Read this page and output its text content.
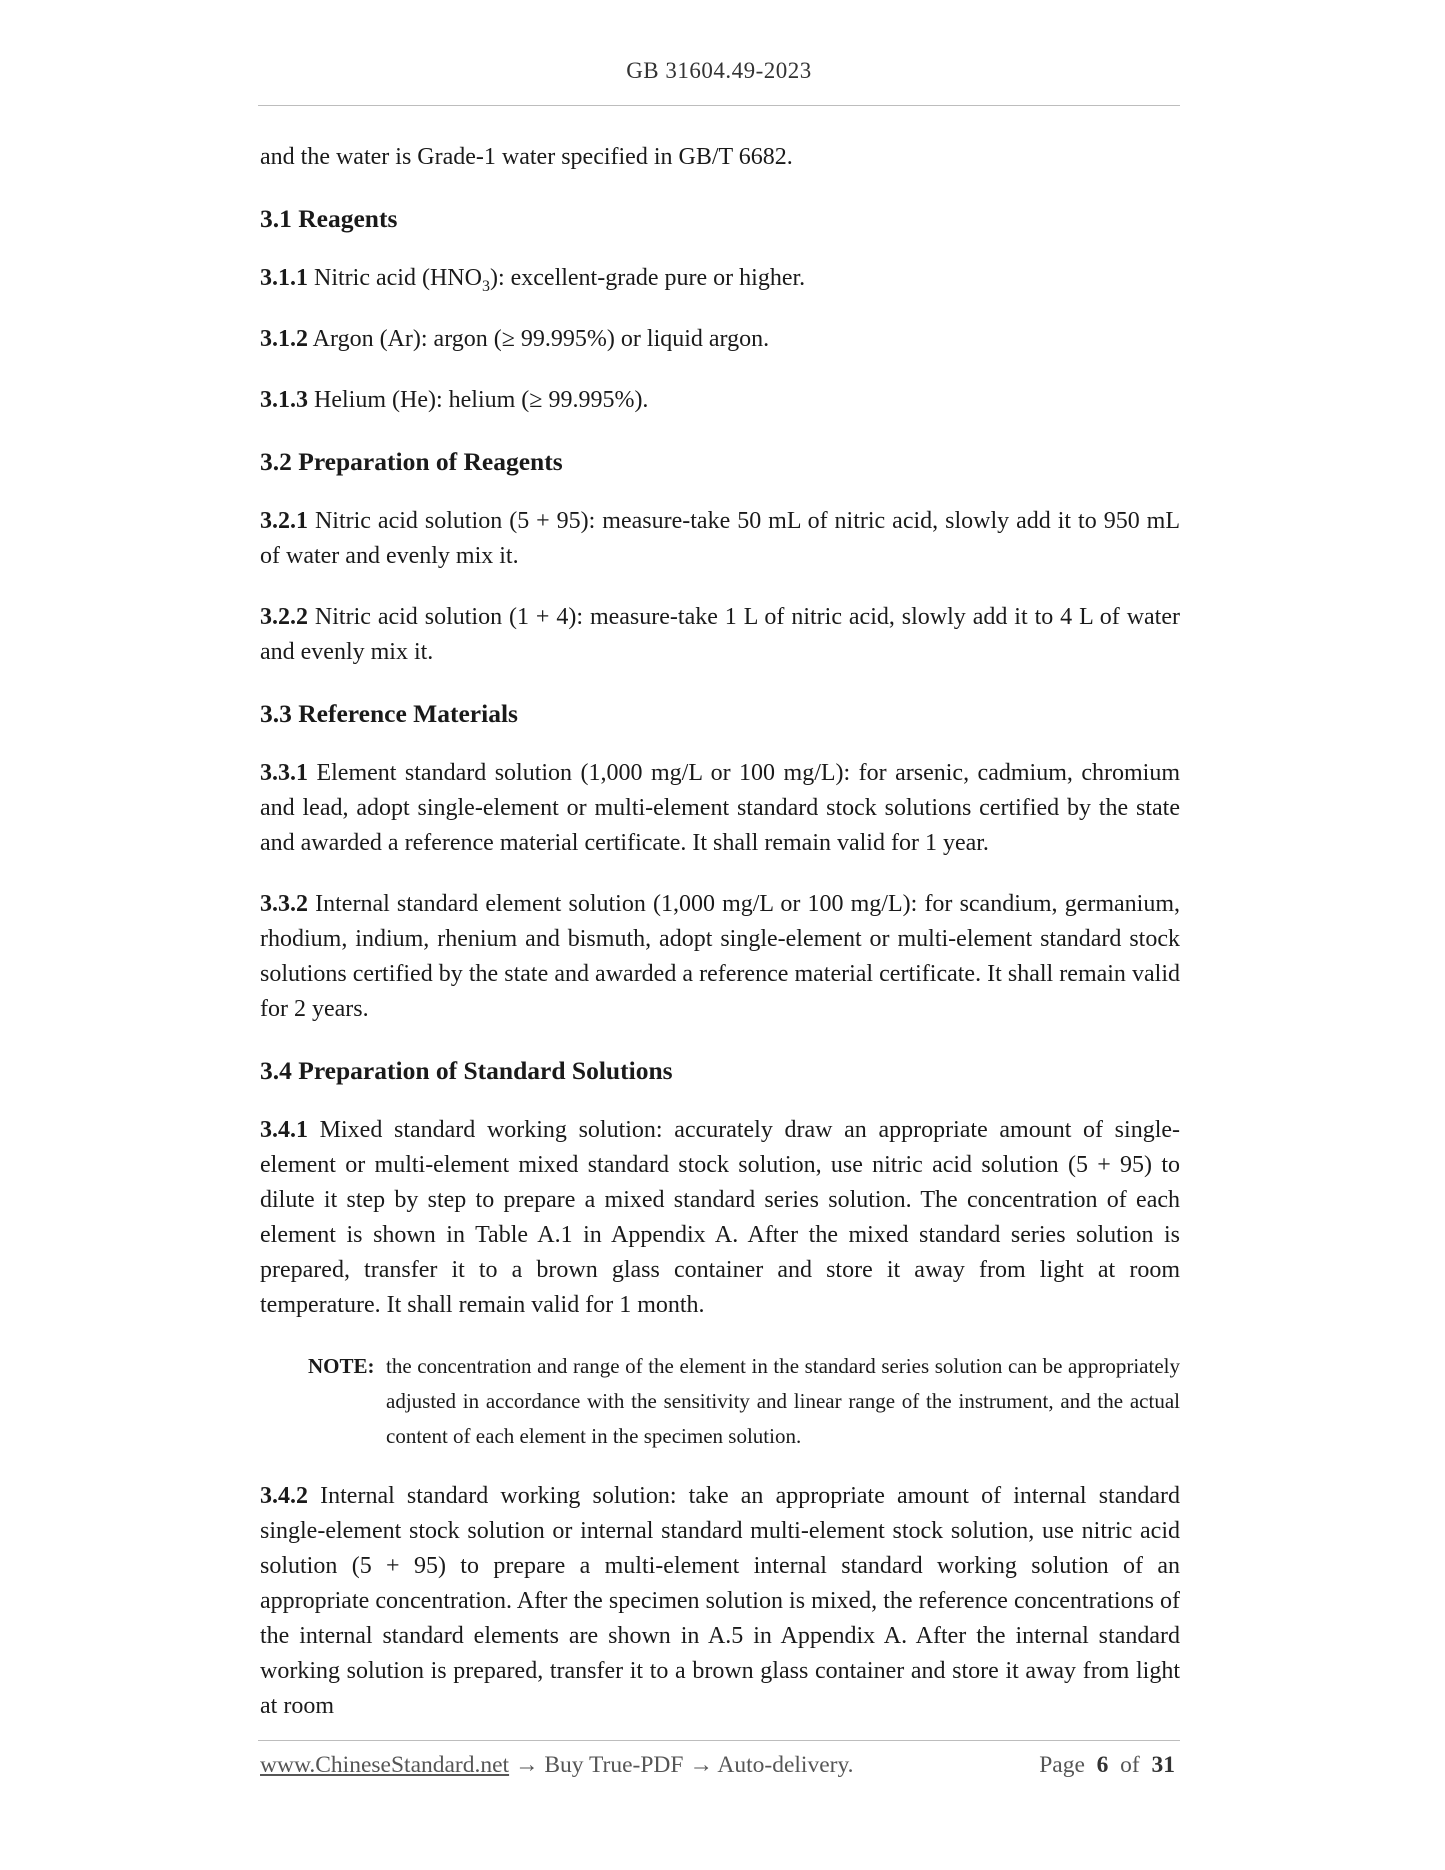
GB 31604.49-2023

and the water is Grade-1 water specified in GB/T 6682.

3.1 Reagents

3.1.1 Nitric acid $(HNO_3)$: excellent-grade pure or higher.

3.1.2 Argon (Ar): argon (≥ 99.995%) or liquid argon.

3.1.3 Helium (He): helium (≥ 99.995%).

3.2 Preparation of Reagents

3.2.1 Nitric acid solution (5 + 95): measure-take 50 mL of nitric acid, slowly add it to 950 mL of water and evenly mix it.

3.2.2 Nitric acid solution (1 + 4): measure-take 1 L of nitric acid, slowly add it to 4 L of water and evenly mix it.

3.3 Reference Materials

3.3.1 Element standard solution (1,000 mg/L or 100 mg/L): for arsenic, cadmium, chromium and lead, adopt single-element or multi-element standard stock solutions certified by the state and awarded a reference material certificate. It shall remain valid for 1 year.

3.3.2 Internal standard element solution (1,000 mg/L or 100 mg/L): for scandium, germanium, rhodium, indium, rhenium and bismuth, adopt single-element or multi-element standard stock solutions certified by the state and awarded a reference material certificate. It shall remain valid for 2 years.

3.4 Preparation of Standard Solutions

3.4.1 Mixed standard working solution: accurately draw an appropriate amount of single-element or multi-element mixed standard stock solution, use nitric acid solution (5 + 95) to dilute it step by step to prepare a mixed standard series solution. The concentration of each element is shown in Table A.1 in Appendix A. After the mixed standard series solution is prepared, transfer it to a brown glass container and store it away from light at room temperature. It shall remain valid for 1 month.

NOTE: the concentration and range of the element in the standard series solution can be appropriately adjusted in accordance with the sensitivity and linear range of the instrument, and the actual content of each element in the specimen solution.

3.4.2 Internal standard working solution: take an appropriate amount of internal standard single-element stock solution or internal standard multi-element stock solution, use nitric acid solution (5 + 95) to prepare a multi-element internal standard working solution of an appropriate concentration. After the specimen solution is mixed, the reference concentrations of the internal standard elements are shown in A.5 in Appendix A. After the internal standard working solution is prepared, transfer it to a brown glass container and store it away from light at room

www.ChineseStandard.net → Buy True-PDF → Auto-delivery.	Page 6 of 31
